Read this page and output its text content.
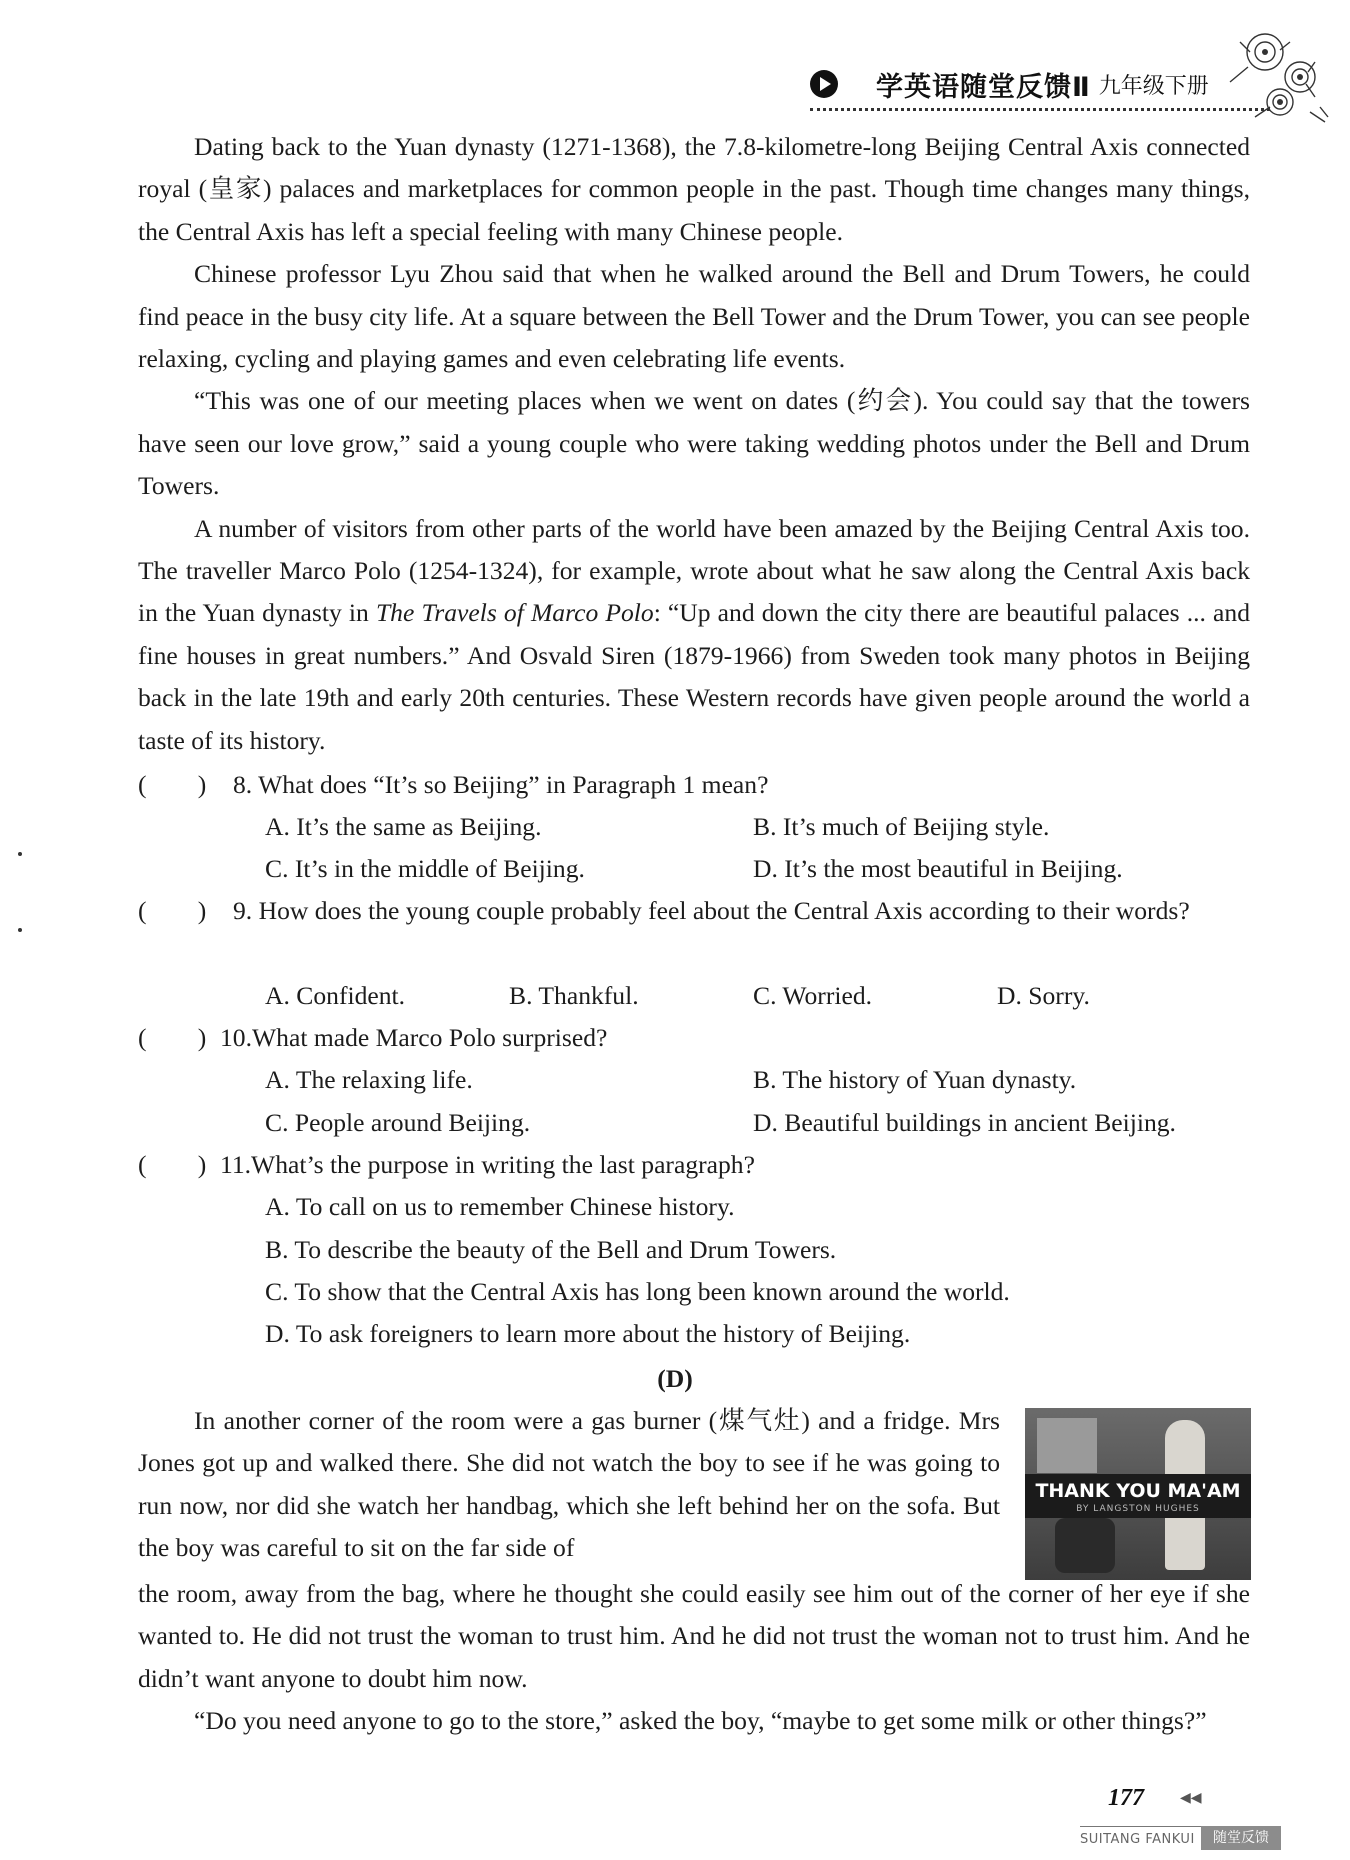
学英语随堂反馈Ⅱ 九年级下册

Dating back to the Yuan dynasty (1271-1368), the 7.8-kilometre-long Beijing Central Axis connected royal (皇家) palaces and marketplaces for common people in the past. Though time changes many things, the Central Axis has left a special feeling with many Chinese people.

Chinese professor Lyu Zhou said that when he walked around the Bell and Drum Towers, he could find peace in the busy city life. At a square between the Bell Tower and the Drum Tower, you can see people relaxing, cycling and playing games and even celebrating life events.

“This was one of our meeting places when we went on dates (约会). You could say that the towers have seen our love grow,” said a young couple who were taking wedding photos under the Bell and Drum Towers.

A number of visitors from other parts of the world have been amazed by the Beijing Central Axis too. The traveller Marco Polo (1254-1324), for example, wrote about what he saw along the Central Axis back in the Yuan dynasty in The Travels of Marco Polo: “Up and down the city there are beautiful palaces ... and fine houses in great numbers.” And Osvald Siren (1879-1966) from Sweden took many photos in Beijing back in the late 19th and early 20th centuries. These Western records have given people around the world a taste of its history.

(　　) 8. What does “It’s so Beijing” in Paragraph 1 mean?
A. It’s the same as Beijing.	B. It’s much of Beijing style.
C. It’s in the middle of Beijing.	D. It’s the most beautiful in Beijing.
(　　) 9. How does the young couple probably feel about the Central Axis according to their words?
A. Confident.	B. Thankful.	C. Worried.	D. Sorry.
(　　) 10.What made Marco Polo surprised?
A. The relaxing life.	B. The history of Yuan dynasty.
C. People around Beijing.	D. Beautiful buildings in ancient Beijing.
(　　) 11.What’s the purpose in writing the last paragraph?
A. To call on us to remember Chinese history.
B. To describe the beauty of the Bell and Drum Towers.
C. To show that the Central Axis has long been known around the world.
D. To ask foreigners to learn more about the history of Beijing.
(D)

In another corner of the room were a gas burner (煤气灶) and a fridge. Mrs Jones got up and walked there. She did not watch the boy to see if he was going to run now, nor did she watch her handbag, which she left behind her on the sofa. But the boy was careful to sit on the far side of

THANK YOU MA'AM
BY LANGSTON HUGHES

the room, away from the bag, where he thought she could easily see him out of the corner of her eye if she wanted to. He did not trust the woman to trust him. And he did not trust the woman not to trust him. And he didn’t want anyone to doubt him now.

“Do you need anyone to go to the store,” asked the boy, “maybe to get some milk or other things?”

177	◀◀
SUITANG FANKUI	随堂反馈
